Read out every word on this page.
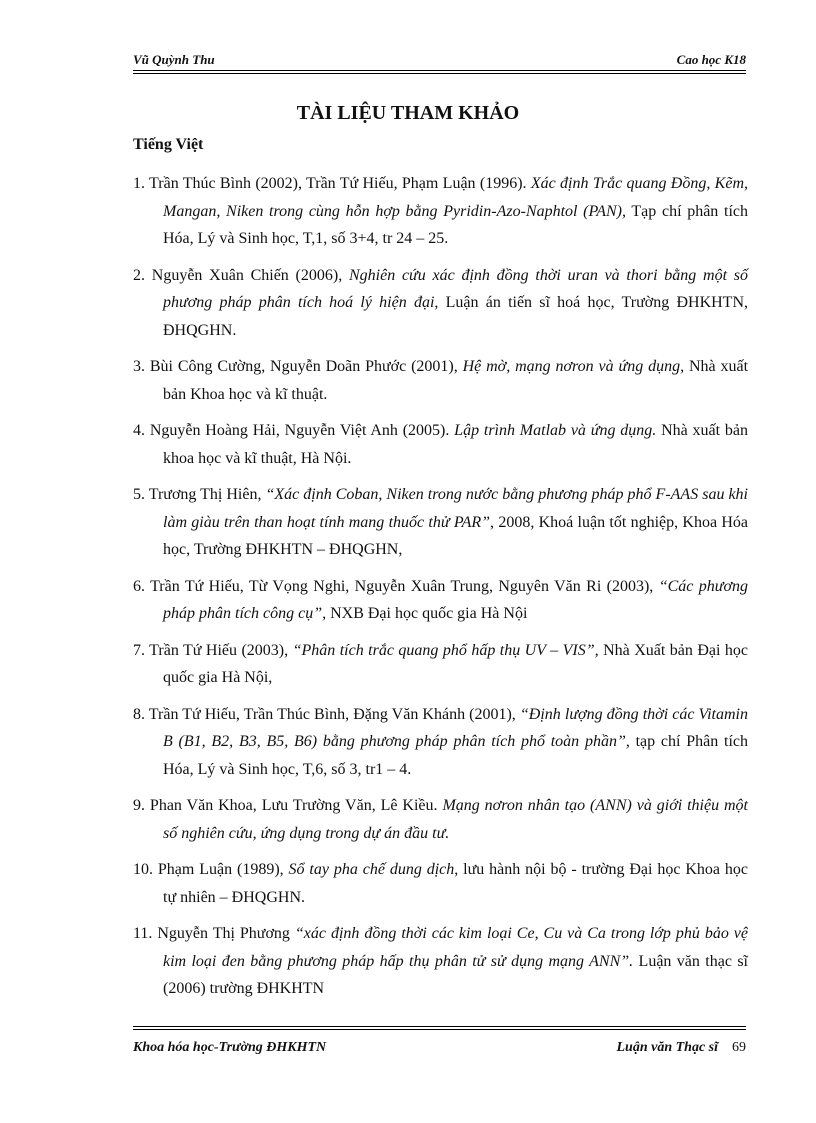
Vũ Quỳnh Thu	Cao học K18
TÀI LIỆU THAM KHẢO
Tiếng Việt
1. Trần Thúc Bình (2002), Trần Tứ Hiếu, Phạm Luận (1996). Xác định Trắc quang Đồng, Kẽm, Mangan, Niken trong cùng hỗn hợp bằng Pyridin-Azo-Naphtol (PAN), Tạp chí phân tích Hóa, Lý và Sinh học, T,1, số 3+4, tr 24 – 25.
2. Nguyễn Xuân Chiến (2006), Nghiên cứu xác định đồng thời uran và thori bằng một số phương pháp phân tích hoá lý hiện đại, Luận án tiến sĩ hoá học, Trường ĐHKHTN, ĐHQGHN.
3. Bùi Công Cường, Nguyễn Doãn Phước (2001), Hệ mờ, mạng nơron và ứng dụng, Nhà xuất bản Khoa học và kĩ thuật.
4. Nguyễn Hoàng Hải, Nguyễn Việt Anh (2005). Lập trình Matlab và ứng dụng. Nhà xuất bản khoa học và kĩ thuật, Hà Nội.
5. Trương Thị Hiên, “Xác định Coban, Niken trong nước bằng phương pháp phổ F-AAS sau khi làm giàu trên than hoạt tính mang thuốc thử PAR”, 2008, Khoá luận tốt nghiệp, Khoa Hóa học, Trường ĐHKHTN – ĐHQGHN,
6. Trần Tứ Hiếu, Từ Vọng Nghi, Nguyễn Xuân Trung, Nguyên Văn Ri (2003), “Các phương pháp phân tích công cụ”, NXB Đại học quốc gia Hà Nội
7. Trần Tứ Hiếu (2003), “Phân tích trắc quang phổ hấp thụ UV – VIS”, Nhà Xuất bản Đại học quốc gia Hà Nội,
8. Trần Tứ Hiếu, Trần Thúc Bình, Đặng Văn Khánh (2001), “Định lượng đồng thời các Vitamin B (B1, B2, B3, B5, B6) bằng phương pháp phân tích phổ toàn phần”, tạp chí Phân tích Hóa, Lý và Sinh học, T,6, số 3, tr1 – 4.
9. Phan Văn Khoa, Lưu Trường Văn, Lê Kiều. Mạng nơron nhân tạo (ANN) và giới thiệu một số nghiên cứu, ứng dụng trong dự án đầu tư.
10. Phạm Luận (1989), Sổ tay pha chế dung dịch, lưu hành nội bộ - trường Đại học Khoa học tự nhiên – ĐHQGHN.
11. Nguyễn Thị Phương “xác định đồng thời các kim loại Ce, Cu và Ca trong lớp phủ bảo vệ kim loại đen bằng phương pháp hấp thụ phân tử sử dụng mạng ANN”. Luận văn thạc sĩ (2006) trường ĐHKHTN
Khoa hóa học-Trường ĐHKHTN	Luận văn Thạc sĩ 69
